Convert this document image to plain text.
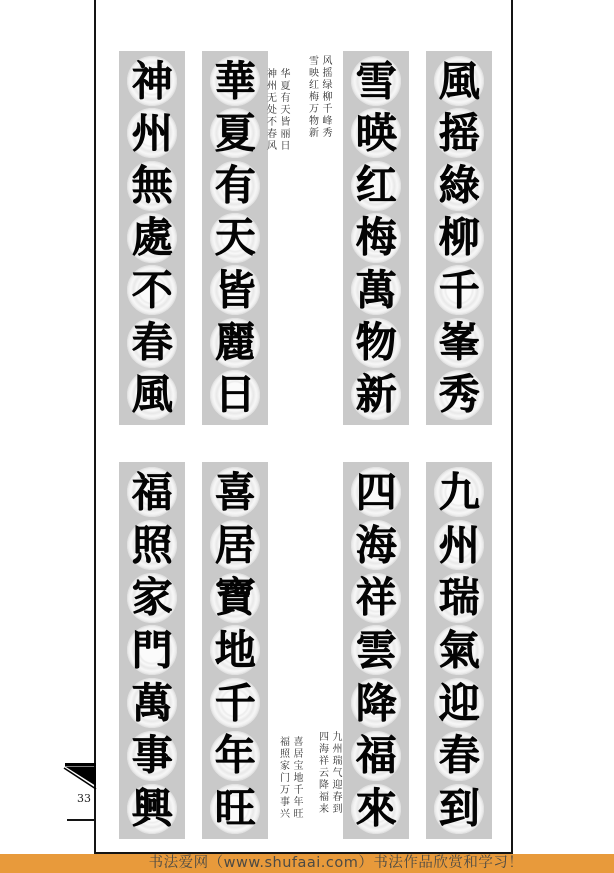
33
神
州
無
處
不
春
風
華
夏
有
天
皆
麗
日
雪
暎
红
梅
萬
物
新
風
摇
綠
柳
千
峯
秀
福
照
家
門
萬
事
興
喜
居
寶
地
千
年
旺
四
海
祥
雲
降
福
來
九
州
瑞
氣
迎
春
到
风摇绿柳千峰秀
雪映红梅万物新
华夏有天皆丽日
神州无处不春风
九州瑞气迎春到
四海祥云降福来
喜居宝地千年旺
福照家门万事兴
书法爱网（www.shufaai.com）书法作品欣赏和学习！
